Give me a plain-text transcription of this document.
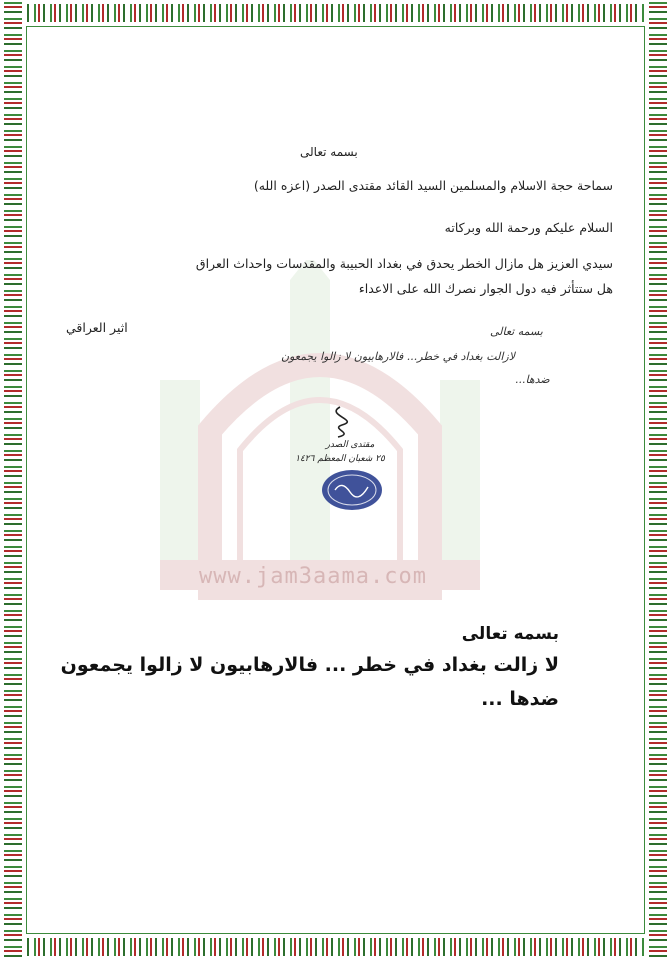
www.jam3aama.com
بسمه تعالى
سماحة حجة الاسلام والمسلمين السيد القائد مقتدى الصدر (اعزه الله)
السلام عليكم ورحمة الله وبركاته
سيدي العزيز هل مازال الخطر يحدق في بغداد الحبيبة والمقدسات واحداث العراق
هل ستتأثر فيه دول الجوار نصرك الله على الاعداء
اثير العراقي	بسمه تعالى
لازالت بغداد في خطر... فالارهابيون لا زالوا يجمعون
ضدها...
مقتدى الصدر
٢٥ شعبان المعظم ١٤٢٦
بسمه تعالى
لا زالت بغداد في خطر ... فالارهابيون لا زالوا يجمعون
ضدها ...
